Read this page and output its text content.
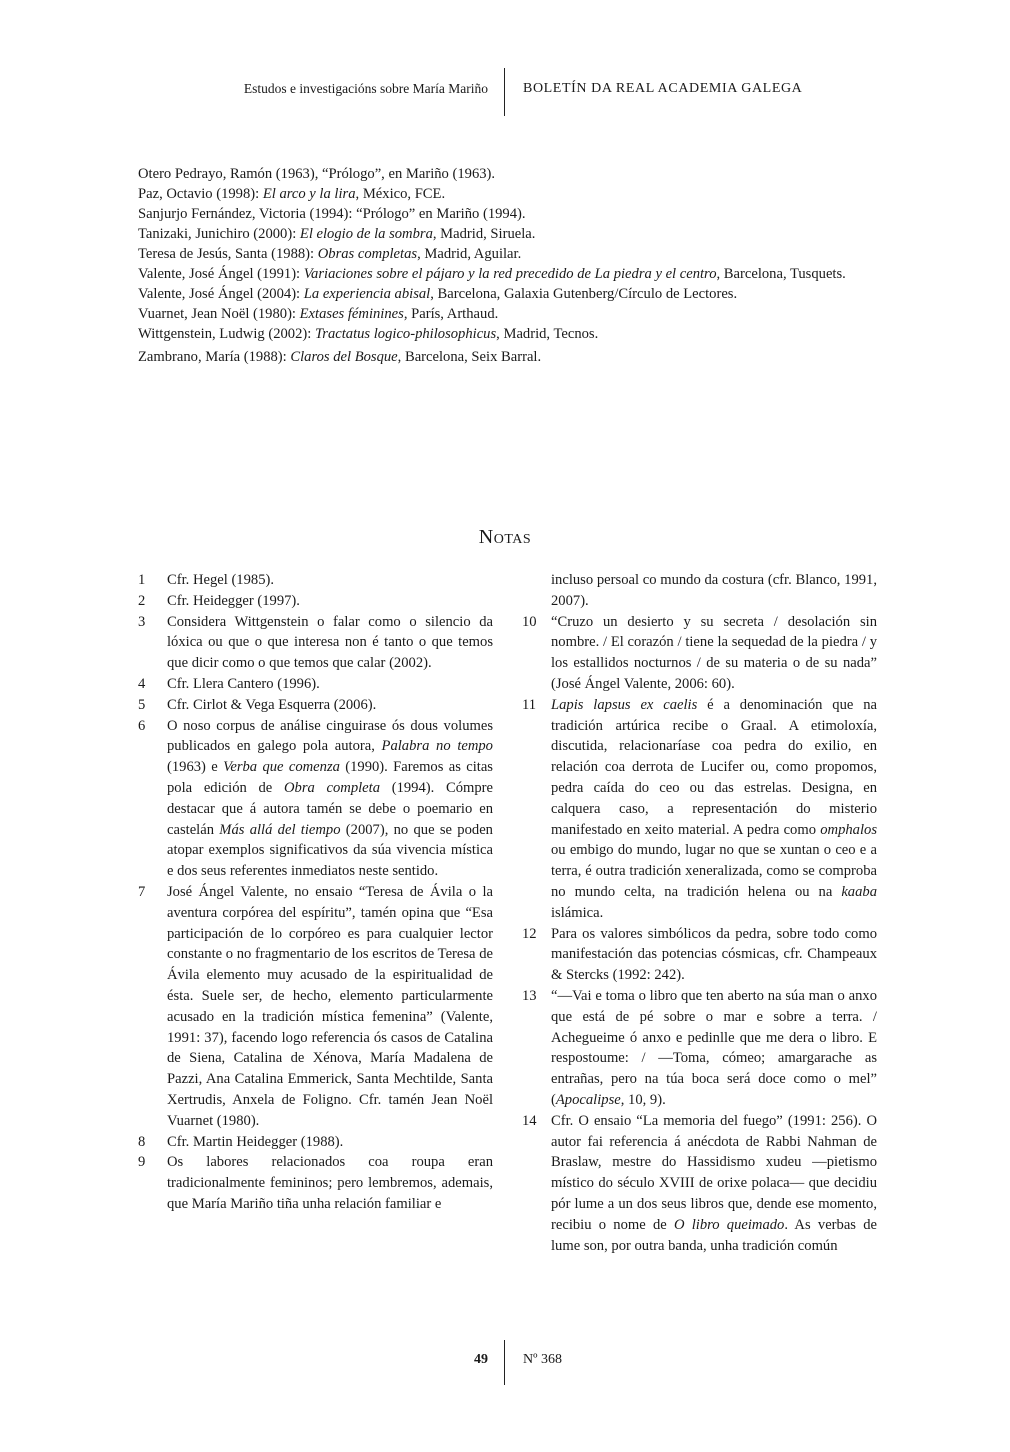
Estudos e investigacións sobre María Mariño	BOLETÍN DA REAL ACADEMIA GALEGA
Otero Pedrayo, Ramón (1963), “Prólogo”, en Mariño (1963).
Paz, Octavio (1998): El arco y la lira, México, FCE.
Sanjurjo Fernández, Victoria (1994): “Prólogo” en Mariño (1994).
Tanizaki, Junichiro (2000): El elogio de la sombra, Madrid, Siruela.
Teresa de Jesús, Santa (1988): Obras completas, Madrid, Aguilar.
Valente, José Ángel (1991): Variaciones sobre el pájaro y la red precedido de La piedra y el centro, Barcelona, Tusquets.
Valente, José Ángel (2004): La experiencia abisal, Barcelona, Galaxia Gutenberg/Círculo de Lectores.
Vuarnet, Jean Noël (1980): Extases féminines, París, Arthaud.
Wittgenstein, Ludwig (2002): Tractatus logico-philosophicus, Madrid, Tecnos.
Zambrano, María (1988): Claros del Bosque, Barcelona, Seix Barral.
Notas
1	Cfr. Hegel (1985).
2	Cfr. Heidegger (1997).
3	Considera Wittgenstein o falar como o silencio da lóxica ou que o que interesa non é tanto o que temos que dicir como o que temos que calar (2002).
4	Cfr. Llera Cantero (1996).
5	Cfr. Cirlot & Vega Esquerra (2006).
6	O noso corpus de análise cinguirase ós dous volumes publicados en galego pola autora, Palabra no tempo (1963) e Verba que comenza (1990). Faremos as citas pola edición de Obra completa (1994). Cómpre destacar que á autora tamén se debe o poemario en castelán Más allá del tiempo (2007), no que se poden atopar exemplos significativos da súa vivencia mística e dos seus referentes inmediatos neste sentido.
7	José Ángel Valente, no ensaio “Teresa de Ávila o la aventura corpórea del espíritu”, tamén opina que “Esa participación de lo corpóreo es para cualquier lector constante o no fragmentario de los escritos de Teresa de Ávila elemento muy acusado de la espiritualidad de ésta. Suele ser, de hecho, elemento particularmente acusado en la tradición mística femenina” (Valente, 1991: 37), facendo logo referencia ós casos de Catalina de Siena, Catalina de Xénova, María Madalena de Pazzi, Ana Catalina Emmerick, Santa Mechtilde, Santa Xertrudis, Anxela de Foligno. Cfr. tamén Jean Noël Vuarnet (1980).
8	Cfr. Martin Heidegger (1988).
9	Os labores relacionados coa roupa eran tradicionalmente femininos; pero lembremos, ademais, que María Mariño tiña unha relación familiar e
incluso persoal co mundo da costura (cfr. Blanco, 1991, 2007).
10 “Cruzo un desierto y su secreta / desolación sin nombre. / El corazón / tiene la sequedad de la piedra / y los estallidos nocturnos / de su materia o de su nada” (José Ángel Valente, 2006: 60).
11	Lapis lapsus ex caelis é a denominación que na tradición artúrica recibe o Graal. A etimoloxía, discutida, relacionaríase coa pedra do exilio, en relación coa derrota de Lucifer ou, como propomos, pedra caída do ceo ou das estrelas. Designa, en calquera caso, a representación do misterio manifestado en xeito material. A pedra como omphalos ou embigo do mundo, lugar no que se xuntan o ceo e a terra, é outra tradición xeneralizada, como se comproba no mundo celta, na tradición helena ou na kaaba islámica.
12 Para os valores simbólicos da pedra, sobre todo como manifestación das potencias cósmicas, cfr. Champeaux & Stercks (1992: 242).
13 “—Vai e toma o libro que ten aberto na súa man o anxo que está de pé sobre o mar e sobre a terra. / Achegueime ó anxo e pedinlle que me dera o libro. E respostoume: / —Toma, cómeo; amargarache as entrañas, pero na túa boca será doce como o mel” (Apocalipse, 10, 9).
14 Cfr. O ensaio “La memoria del fuego” (1991: 256). O autor fai referencia á anécdota de Rabbi Nahman de Braslaw, mestre do Hassidismo xudeu —pietismo místico do século XVIII de orixe polaca— que decidiu pór lume a un dos seus libros que, dende ese momento, recibiu o nome de O libro queimado. As verbas de lume son, por outra banda, unha tradición común
49	Nº 368
